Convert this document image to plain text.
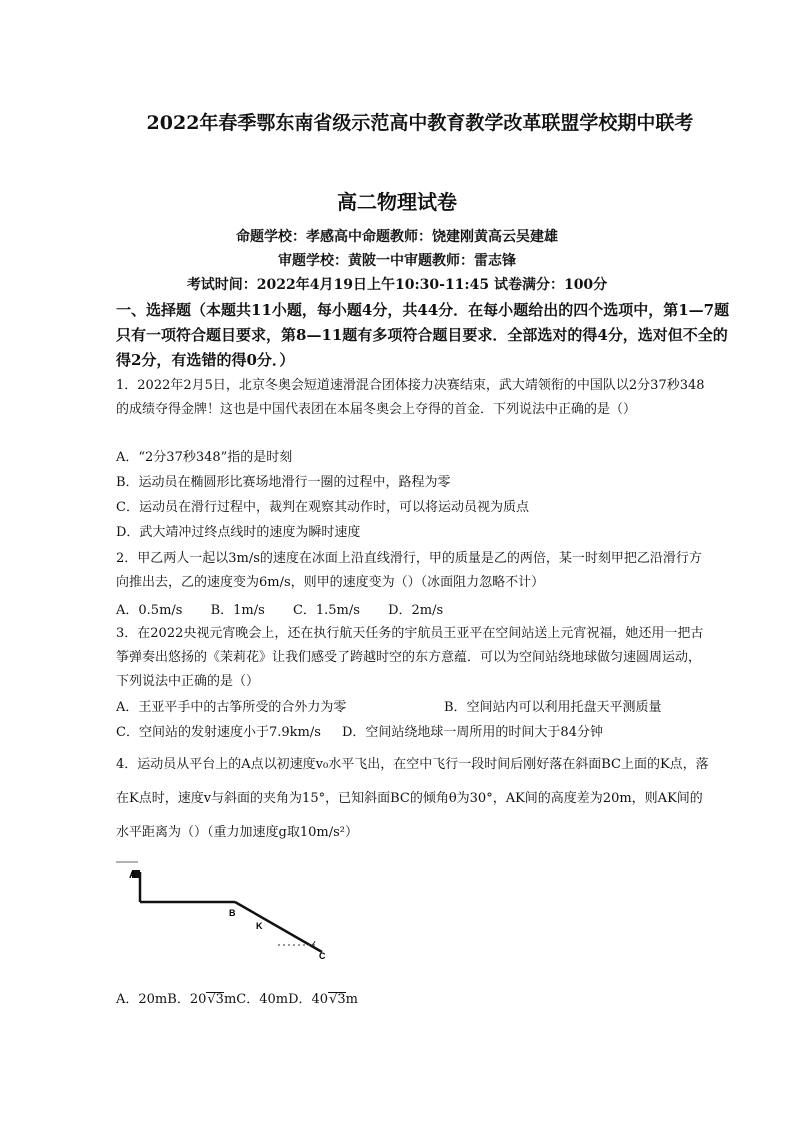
2022年春季鄂东南省级示范高中教育教学改革联盟学校期中联考
高二物理试卷
命题学校：孝感高中命题教师：饶建刚黄高云吴建雄
审题学校：黄陂一中审题教师：雷志锋
考试时间：2022年4月19日上午10:30-11:45 试卷满分：100分
一、选择题（本题共11小题，每小题4分，共44分．在每小题给出的四个选项中，第1—7题只有一项符合题目要求，第8—11题有多项符合题目要求．全部选对的得4分，选对但不全的得2分，有选错的得0分．）
1．2022年2月5日，北京冬奥会短道速滑混合团体接力决赛结束，武大靖领衔的中国队以2分37秒348的成绩夺得金牌！这也是中国代表团在本届冬奥会上夺得的首金．下列说法中正确的是（）
A．“2分37秒348”指的是时刻
B．运动员在椭圆形比赛场地滑行一圈的过程中，路程为零
C．运动员在滑行过程中，裁判在观察其动作时，可以将运动员视为质点
D．武大靖冲过终点线时的速度为瞬时速度
2．甲乙两人一起以3m/s的速度在冰面上沿直线滑行，甲的质量是乙的两倍，某一时刻甲把乙沿滑行方向推出去，乙的速度变为6m/s，则甲的速度变为（）（冰面阻力忽略不计）
A．0.5m/s B．1m/s C．1.5m/s D．2m/s
3．在2022央视元宵晚会上，还在执行航天任务的宇航员王亚平在空间站送上元宵祝福，她还用一把古筝弹奏出悠扬的《茉莉花》让我们感受了跨越时空的东方意蕴．可以为空间站绕地球做匀速圆周运动，下列说法中正确的是（）
A．王亚平手中的古筝所受的合外力为零	B．空间站内可以利用托盘天平测质量
C．空间站的发射速度小于7.9km/s D．空间站绕地球一周所用的时间大于84分钟
4．运动员从平台上的A点以初速度v₀水平飞出，在空中飞行一段时间后刚好落在斜面BC上面的K点，落在K点时，速度v与斜面的夹角为15°，已知斜面BC的倾角θ为30°，AK间的高度差为20m，则AK间的水平距离为（）（重力加速度g取10m/s²）
A
B
K
C
A．20mB．20√3mC．40mD．40√3m
